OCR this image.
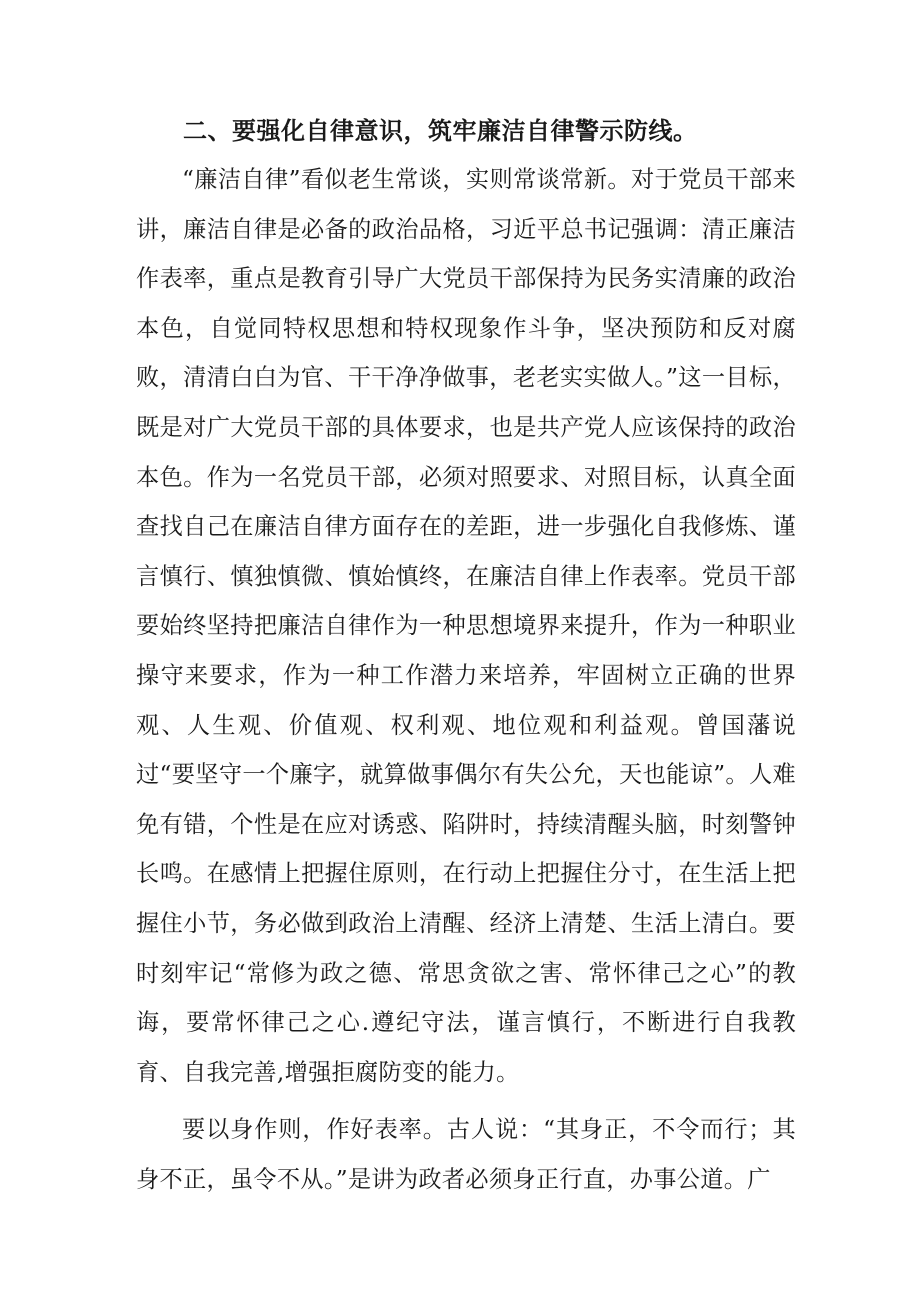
二、要强化自律意识，筑牢廉洁自律警示防线。

“廉洁自律”看似老生常谈，实则常谈常新。对于党员干部来讲，廉洁自律是必备的政治品格，习近平总书记强调：清正廉洁作表率，重点是教育引导广大党员干部保持为民务实清廉的政治本色，自觉同特权思想和特权现象作斗争，坚决预防和反对腐败，清清白白为官、干干净净做事，老老实实做人。”这一目标，既是对广大党员干部的具体要求，也是共产党人应该保持的政治本色。作为一名党员干部，必须对照要求、对照目标，认真全面查找自己在廉洁自律方面存在的差距，进一步强化自我修炼、谨言慎行、慎独慎微、慎始慎终，在廉洁自律上作表率。党员干部要始终坚持把廉洁自律作为一种思想境界来提升，作为一种职业操守来要求，作为一种工作潜力来培养，牢固树立正确的世界观、人生观、价值观、权利观、地位观和利益观。曾国藩说过“要坚守一个廉字，就算做事偶尔有失公允，天也能谅”。人难免有错，个性是在应对诱惑、陷阱时，持续清醒头脑，时刻警钟长鸣。在感情上把握住原则，在行动上把握住分寸，在生活上把握住小节，务必做到政治上清醒、经济上清楚、生活上清白。要时刻牢记“常修为政之德、常思贪欲之害、常怀律己之心”的教诲，要常怀律己之心.遵纪守法，谨言慎行，不断进行自我教育、自我完善,增强拒腐防变的能力。

要以身作则，作好表率。古人说：“其身正，不令而行；其身不正，虽令不从。”是讲为政者必须身正行直，办事公道。广
